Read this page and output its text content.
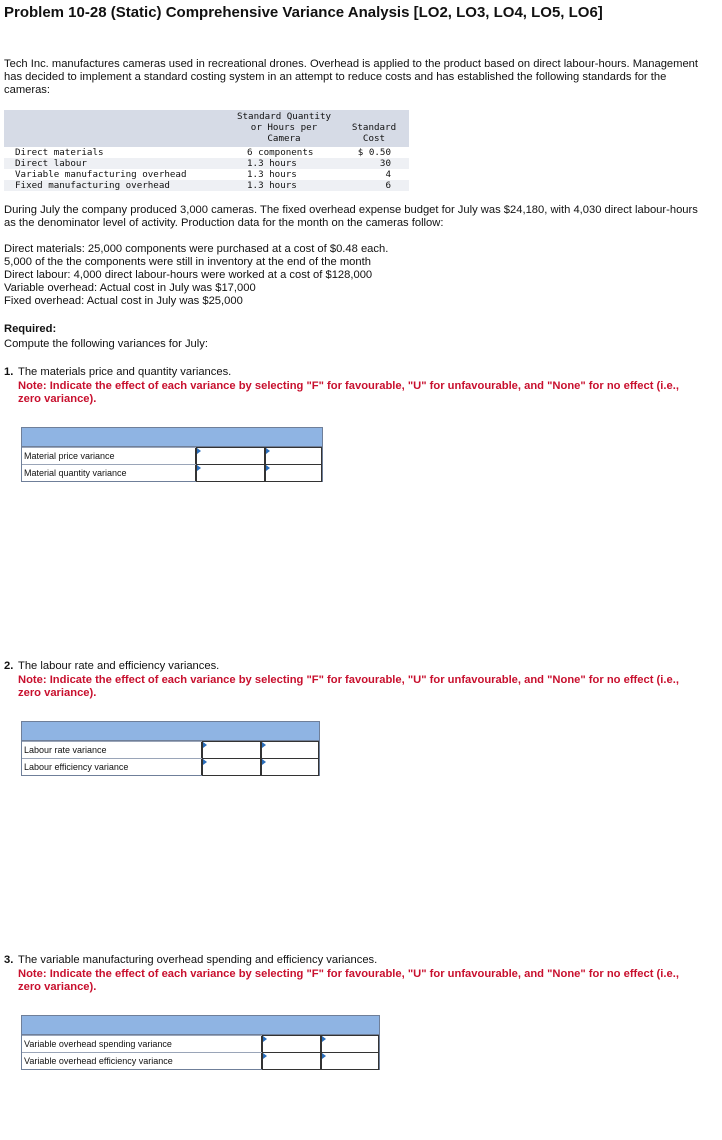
Problem 10-28 (Static) Comprehensive Variance Analysis [LO2, LO3, LO4, LO5, LO6]

Tech Inc. manufactures cameras used in recreational drones. Overhead is applied to the product based on direct labour-hours. Management has decided to implement a standard costing system in an attempt to reduce costs and has established the following standards for the cameras:

Standard Quantity
or Hours per
Camera
Standard
Cost
Direct materials	6 components	$ 0.50
Direct labour	1.3 hours	30
Variable manufacturing overhead	1.3 hours	4
Fixed manufacturing overhead	1.3 hours	6

During July the company produced 3,000 cameras. The fixed overhead expense budget for July was $24,180, with 4,030 direct labour-hours as the denominator level of activity. Production data for the month on the cameras follow:

Direct materials: 25,000 components were purchased at a cost of $0.48 each.

5,000 of the the components were still in inventory at the end of the month

Direct labour: 4,000 direct labour-hours were worked at a cost of $128,000

Variable overhead: Actual cost in July was $17,000

Fixed overhead: Actual cost in July was $25,000

Required:

Compute the following variances for July:

1. The materials price and quantity variances.
Note: Indicate the effect of each variance by selecting "F" for favourable, "U" for unfavourable, and "None" for no effect (i.e., zero variance).
Material price variance
Material quantity variance
2. The labour rate and efficiency variances.
Note: Indicate the effect of each variance by selecting "F" for favourable, "U" for unfavourable, and "None" for no effect (i.e., zero variance).
Labour rate variance
Labour efficiency variance
3. The variable manufacturing overhead spending and efficiency variances.
Note: Indicate the effect of each variance by selecting "F" for favourable, "U" for unfavourable, and "None" for no effect (i.e., zero variance).
Variable overhead spending variance
Variable overhead efficiency variance
